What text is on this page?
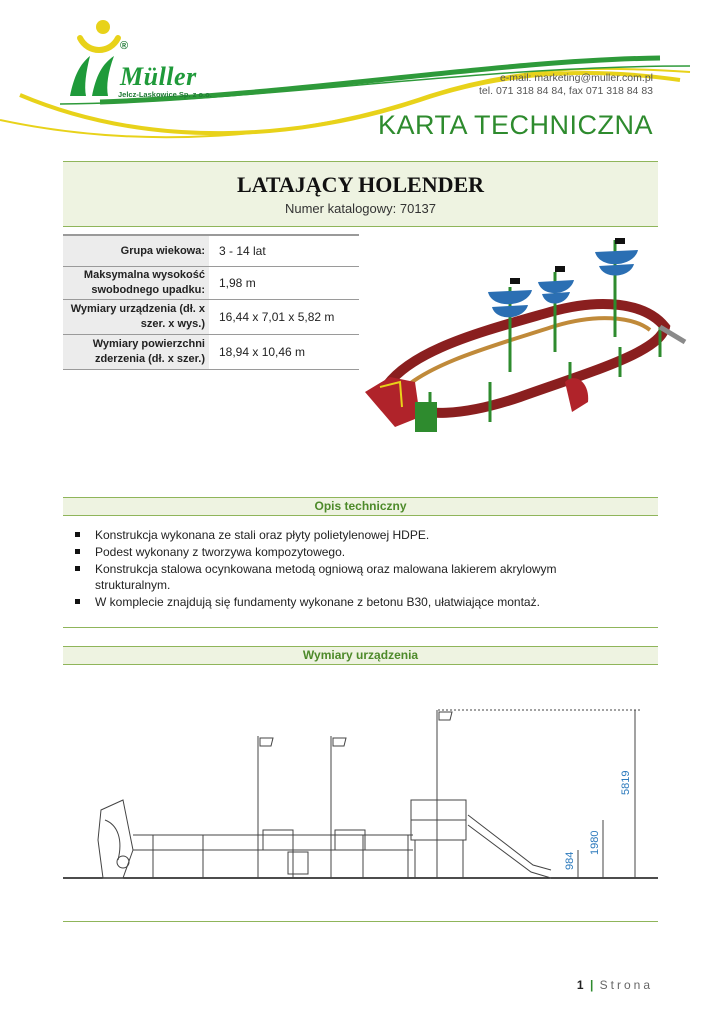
®
Müller
Jelcz-Laskowice Sp. z o.o.
e-mail: marketing@muller.com.pl
tel. 071 318 84 84, fax 071 318 84 83
KARTA TECHNICZNA
LATAJĄCY HOLENDER
Numer katalogowy: 70137
Grupa wiekowa:	3 - 14 lat
Maksymalna wysokość swobodnego upadku:	1,98 m
Wymiary urządzenia (dł. x szer. x wys.)	16,44 x 7,01 x 5,82 m
Wymiary powierzchni zderzenia (dł. x szer.)	18,94 x 10,46 m
Opis techniczny
Konstrukcja wykonana ze stali oraz płyty polietylenowej HDPE.
Podest wykonany z tworzywa kompozytowego.
Konstrukcja stalowa ocynkowana metodą ogniową oraz malowana lakierem akrylowym strukturalnym.
W komplecie znajdują się fundamenty wykonane z betonu B30, ułatwiające montaż.
Wymiary urządzenia
5819
1980
984
1 | Strona
